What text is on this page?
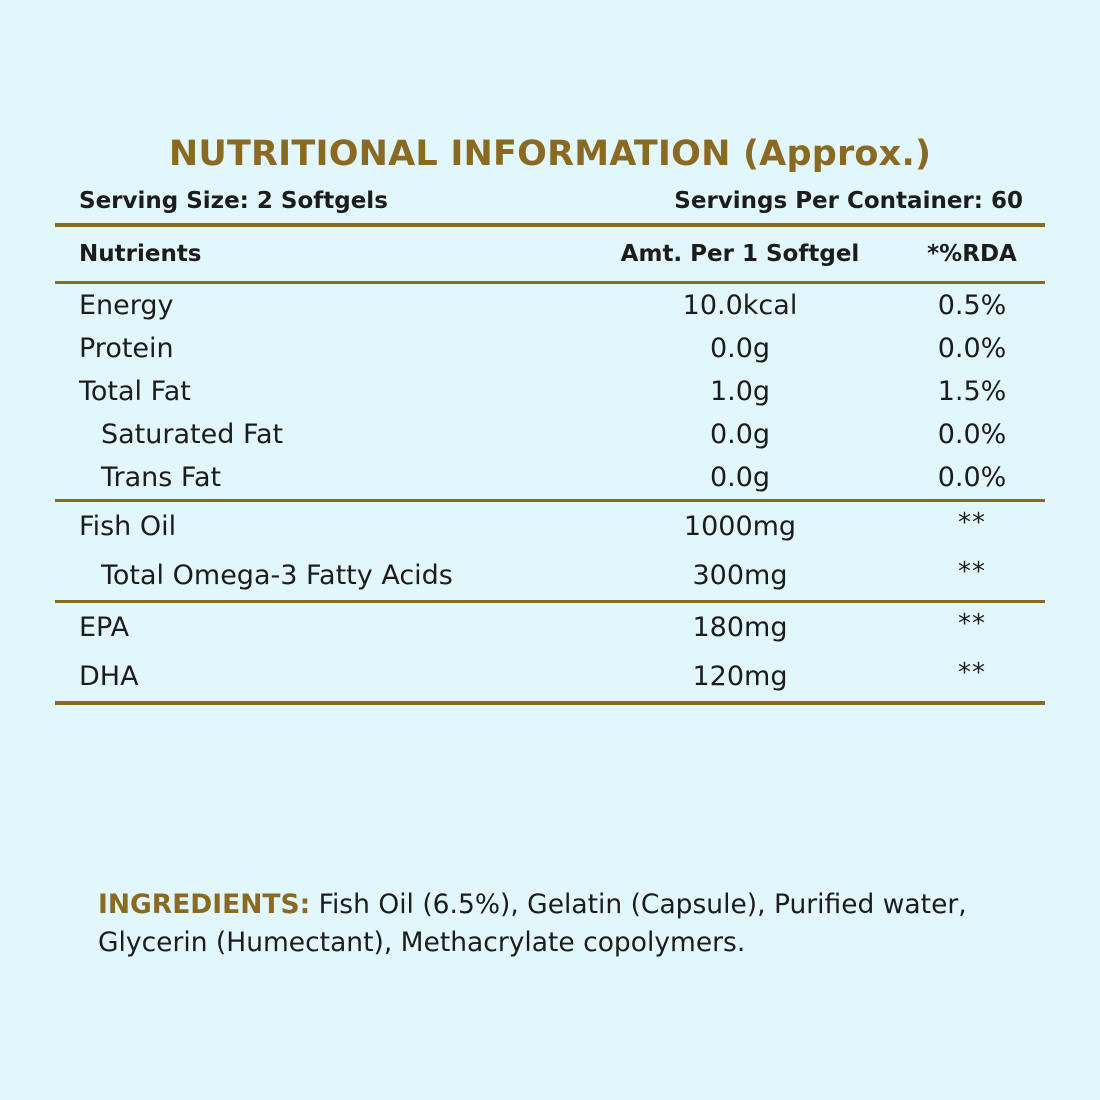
NUTRITIONAL INFORMATION (Approx.)
Serving Size: 2 Softgels	Servings Per Container: 60

Nutrients	Amt. Per 1 Softgel	*%RDA

Energy	10.0kcal	0.5%
Protein	0.0g	0.0%
Total Fat	1.0g	1.5%
Saturated Fat	0.0g	0.0%
Trans Fat	0.0g	0.0%

Fish Oil	1000mg	**
Total Omega-3 Fatty Acids	300mg	**

EPA	180mg	**
DHA	120mg	**

INGREDIENTS: Fish Oil (6.5%), Gelatin (Capsule), Purified water, Glycerin (Humectant), Methacrylate copolymers.
